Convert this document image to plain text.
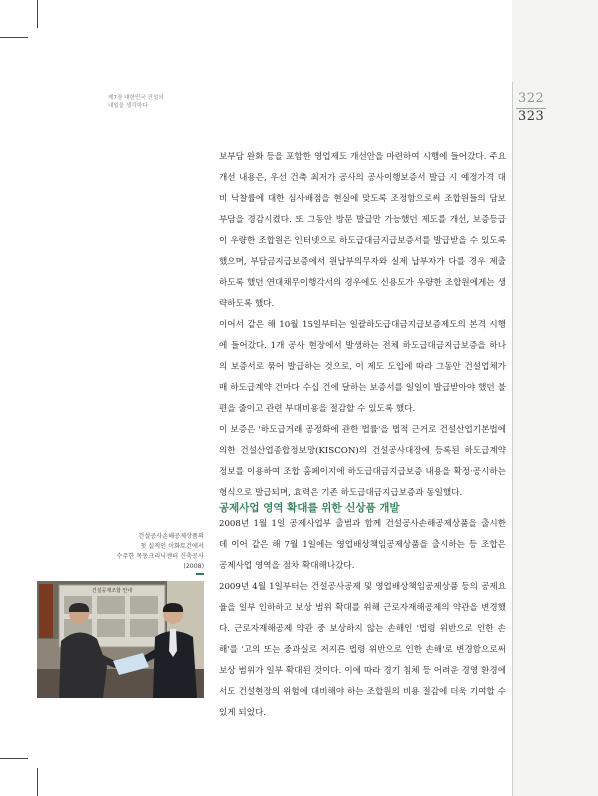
322
323
제7장 대한민국 건설의
내일을 생각하다

보부담 완화 등을 포함한 영업제도 개선안을 마련하여 시행에 들어갔다. 주요 개선 내용은, 우선 건축 최저가 공사의 공사이행보증서 발급 시 예정가격 대비 낙찰률에 대한 심사배점을 현실에 맞도록 조정함으로써 조합원들의 담보 부담을 경감시켰다. 또 그동안 방문 발급만 가능했던 제도를 개선, 보증등급이 우량한 조합원은 인터넷으로 하도급대금지급보증서를 발급받을 수 있도록 했으며, 부담금지급보증에서 원납부의무자와 실제 납부자가 다를 경우 제출하도록 했던 연대채무이행각서의 경우에도 신용도가 우량한 조합원에게는 생략하도록 했다.

이어서 같은 해 10월 15일부터는 일괄하도급대금지급보증제도의 본격 시행에 들어갔다. 1개 공사 현장에서 발생하는 전체 하도급대금지급보증을 하나의 보증서로 묶어 발급하는 것으로, 이 제도 도입에 따라 그동안 건설업체가 매 하도급계약 건마다 수십 건에 달하는 보증서를 일일이 발급받아야 했던 불편을 줄이고 관련 부대비용을 절감할 수 있도록 했다.

이 보증은 '하도급거래 공정화에 관한 법률'을 법적 근거로 건설산업기본법에 의한 건설산업종합정보망(KISCON)의 건설공사대장에 등록된 하도급계약 정보를 이용하여 조합 홈페이지에 하도급대금지급보증 내용을 확정·공시하는 형식으로 발급되며, 효력은 기존 하도급대금지급보증과 동일했다.

공제사업 영역 확대를 위한 신상품 개발

2008년 1월 1일 공제사업부 출범과 함께 건설공사손해공제상품을 출시한 데 이어 같은 해 7월 1일에는 영업배상책임공제상품을 출시하는 등 조합은 공제사업 영역을 점차 확대해나갔다.

2009년 4월 1일부터는 건설공사공제 및 영업배상책임공제상품 등의 공제요율을 일부 인하하고 보상 범위 확대를 위해 근로자재해공제의 약관을 변경했다. 근로자재해공제 약관 중 보상하지 않는 손해인 '법령 위반으로 인한 손해'를 '고의 또는 중과실로 저지른 법령 위반으로 인한 손해'로 변경함으로써 보상 범위가 일부 확대된 것이다. 이에 따라 경기 침체 등 어려운 경영 환경에서도 건설현장의 위험에 대비해야 하는 조합원의 비용 절감에 더욱 기여할 수 있게 되었다.

건설공사손해공제상품의
첫 실적인 이화토건에서
수주한 목동크리닉센터 신축공사
(2008)
건설공제조합 안내
